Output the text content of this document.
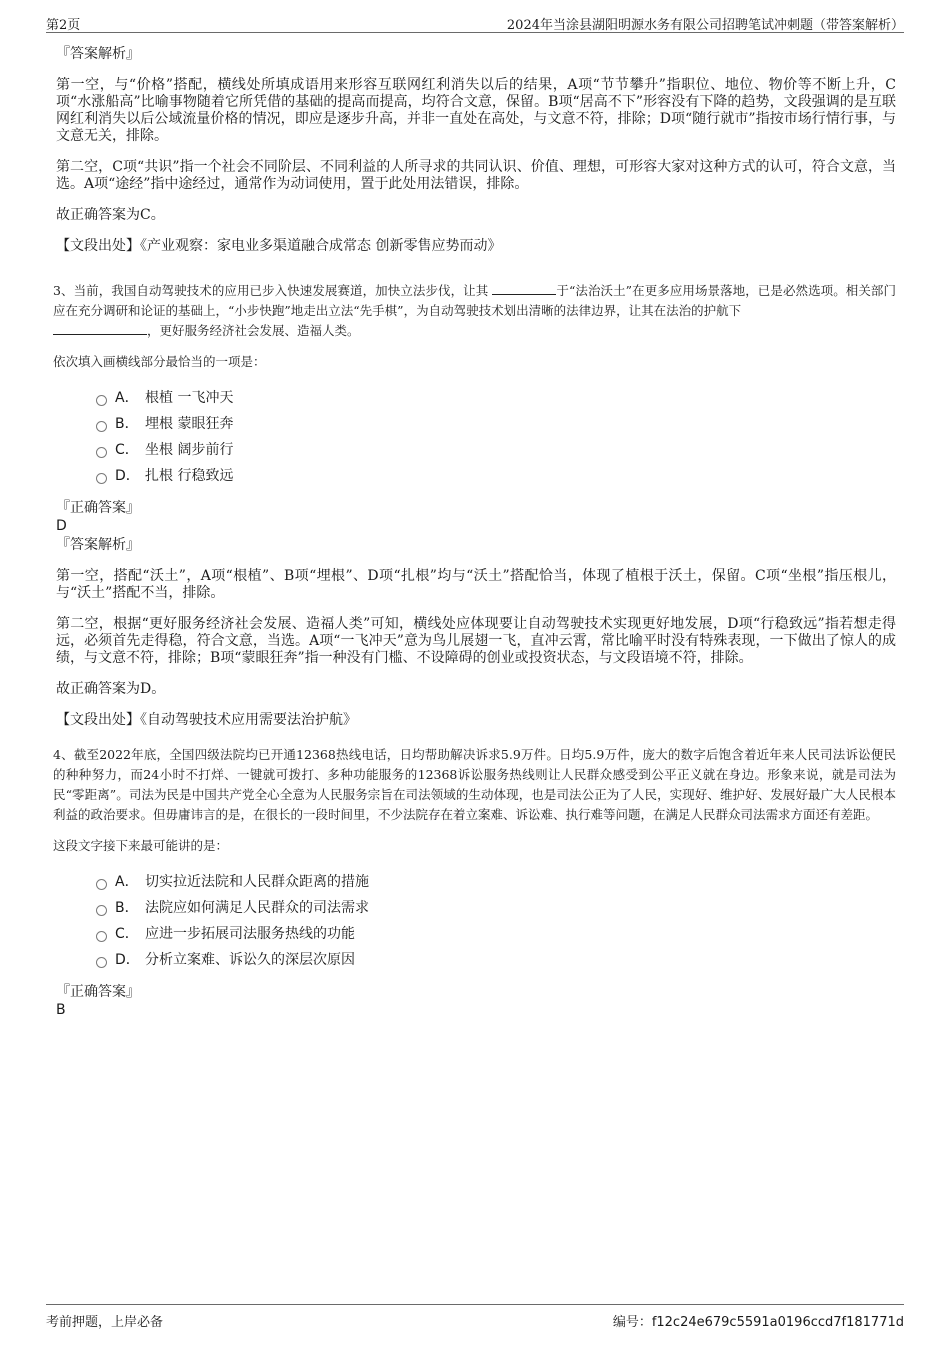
第2页	2024年当涂县湖阳明源水务有限公司招聘笔试冲刺题（带答案解析）

『答案解析』

第一空，与“价格”搭配，横线处所填成语用来形容互联网红利消失以后的结果，A项“节节攀升”指职位、地位、物价等不断上升，C项“水涨船高”比喻事物随着它所凭借的基础的提高而提高，均符合文意，保留。B项“居高不下”形容没有下降的趋势，文段强调的是互联网红利消失以后公域流量价格的情况，即应是逐步升高，并非一直处在高处，与文意不符，排除；D项“随行就市”指按市场行情行事，与文意无关，排除。

第二空，C项“共识”指一个社会不同阶层、不同利益的人所寻求的共同认识、价值、理想，可形容大家对这种方式的认可，符合文意，当选。A项“途经”指中途经过，通常作为动词使用，置于此处用法错误，排除。

故正确答案为C。

【文段出处】《产业观察：家电业多渠道融合成常态 创新零售应势而动》

3、当前，我国自动驾驶技术的应用已步入快速发展赛道，加快立法步伐，让其	于“法治沃土”在更多应用场景落地，已是必然选项。相关部门应在充分调研和论证的基础上，“小步快跑”地走出立法“先手棋”，为自动驾驶技术划出清晰的法律边界，让其在法治的护航下
，更好服务经济社会发展、造福人类。

依次填入画横线部分最恰当的一项是：

A． 根植 一飞冲天
B． 埋根 蒙眼狂奔
C． 坐根 阔步前行
D． 扎根 行稳致远

『正确答案』

D

『答案解析』

第一空，搭配“沃土”，A项“根植”、B项“埋根”、D项“扎根”均与“沃土”搭配恰当，体现了植根于沃土，保留。C项“坐根”指压根儿，与“沃土”搭配不当，排除。

第二空，根据“更好服务经济社会发展、造福人类”可知，横线处应体现要让自动驾驶技术实现更好地发展，D项“行稳致远”指若想走得远，必须首先走得稳，符合文意，当选。A项“一飞冲天”意为鸟儿展翅一飞，直冲云霄，常比喻平时没有特殊表现，一下做出了惊人的成绩，与文意不符，排除；B项“蒙眼狂奔”指一种没有门槛、不设障碍的创业或投资状态，与文段语境不符，排除。

故正确答案为D。

【文段出处】《自动驾驶技术应用需要法治护航》

4、截至2022年底，全国四级法院均已开通12368热线电话，日均帮助解决诉求5.9万件。日均5.9万件，庞大的数字后饱含着近年来人民司法诉讼便民的种种努力，而24小时不打烊、一键就可拨打、多种功能服务的12368诉讼服务热线则让人民群众感受到公平正义就在身边。形象来说，就是司法为民“零距离”。司法为民是中国共产党全心全意为人民服务宗旨在司法领域的生动体现，也是司法公正为了人民，实现好、维护好、发展好最广大人民根本利益的政治要求。但毋庸讳言的是，在很长的一段时间里，不少法院存在着立案难、诉讼难、执行难等问题，在满足人民群众司法需求方面还有差距。

这段文字接下来最可能讲的是：

A． 切实拉近法院和人民群众距离的措施
B． 法院应如何满足人民群众的司法需求
C． 应进一步拓展司法服务热线的功能
D． 分析立案难、诉讼久的深层次原因

『正确答案』

B

考前押题，上岸必备	编号：f12c24e679c5591a0196ccd7f181771d
